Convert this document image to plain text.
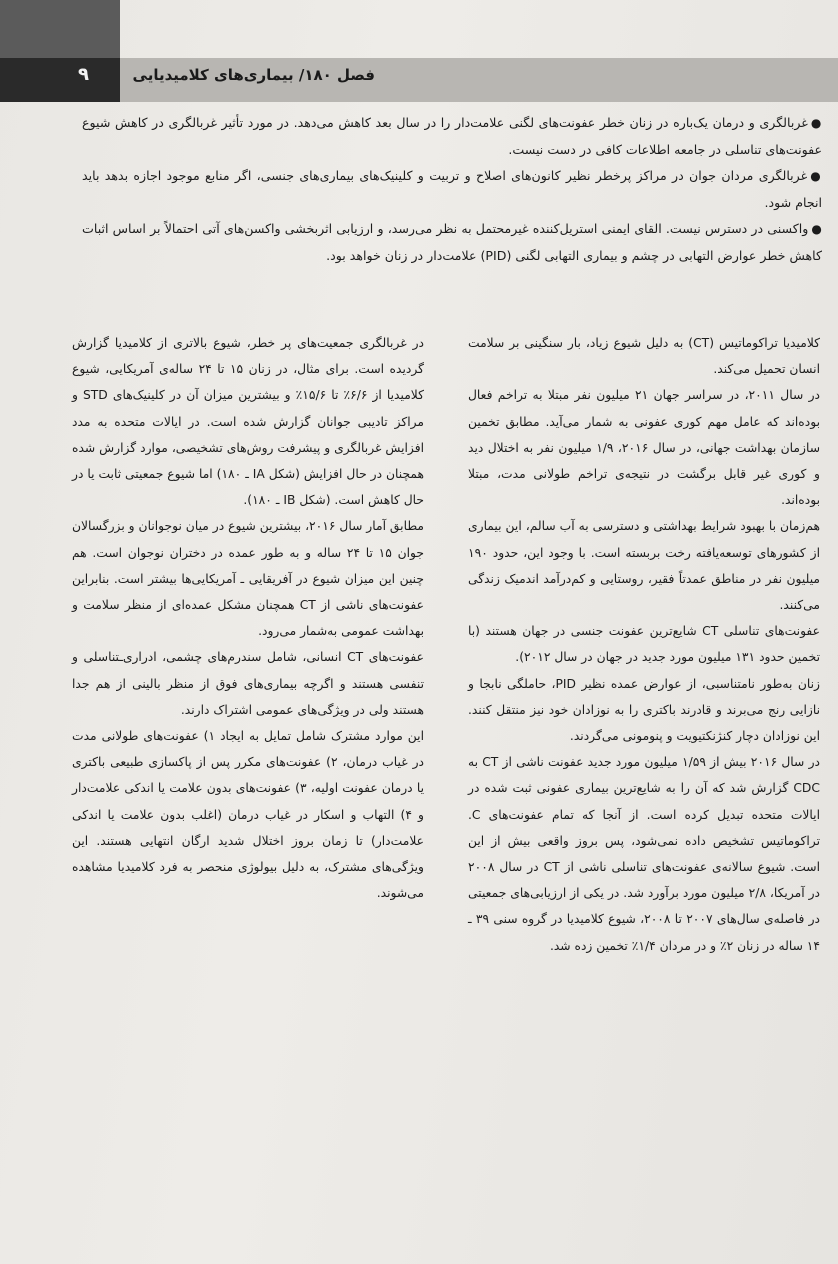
۹	فصل ۱۸۰/ بیماری‌های کلامیدیایی

●غربالگری و درمان یک‌باره در زنان خطر عفونت‌های لگنی علامت‌دار را در سال بعد کاهش می‌دهد. در مورد تأثیر غربالگری در کاهش شیوع عفونت‌های تناسلی در جامعه اطلاعات کافی در دست نیست.

●غربالگری مردان جوان در مراکز پرخطر نظیر کانون‌های اصلاح و تربیت و کلینیک‌های بیماری‌های جنسی، اگر منابع موجود اجازه بدهد باید انجام شود.

●واکسنی در دسترس نیست. القای ایمنی استریل‌کننده غیرمحتمل به نظر می‌رسد، و ارزیابی اثربخشی واکسن‌های آتی احتمالاً بر اساس اثبات کاهش خطر عوارض التهابی در چشم و بیماری التهابی لگنی (PID) علامت‌دار در زنان خواهد بود.

کلامیدیا تراکوماتیس (CT) به دلیل شیوع زیاد، بار سنگینی بر سلامت انسان تحمیل می‌کند.

در سال ۲۰۱۱، در سراسر جهان ۲۱ میلیون نفر مبتلا به تراخم فعال بوده‌اند که عامل مهم کوری عفونی به شمار می‌آید. مطابق تخمین سازمان بهداشت جهانی، در سال ۲۰۱۶، ۱/۹ میلیون نفر به اختلال دید و کوری غیر قابل برگشت در نتیجه‌ی تراخم طولانی مدت، مبتلا بوده‌اند.

هم‌زمان با بهبود شرایط بهداشتی و دسترسی به آب سالم، این بیماری از کشورهای توسعه‌یافته رخت بربسته است. با وجود این، حدود ۱۹۰ میلیون نفر در مناطق عمدتاً فقیر، روستایی و کم‌درآمد اندمیک زندگی می‌کنند.

عفونت‌های تناسلی CT شایع‌ترین عفونت جنسی در جهان هستند (با تخمین حدود ۱۳۱ میلیون مورد جدید در جهان در سال ۲۰۱۲).

زنان به‌طور نامتناسبی، از عوارض عمده نظیر PID، حاملگی نابجا و نازایی رنج می‌برند و قادرند باکتری را به نوزادان خود نیز منتقل کنند. این نوزادان دچار کنژنکتیویت و پنومونی می‌گردند.

در سال ۲۰۱۶ بیش از ۱/۵۹ میلیون مورد جدید عفونت ناشی از CT به CDC گزارش شد که آن را به شایع‌ترین بیماری عفونی ثبت شده در ایالات متحده تبدیل کرده است. از آنجا که تمام عفونت‌های C. تراکوماتیس تشخیص داده نمی‌شود، پس بروز واقعی بیش از این است. شیوع سالانه‌ی عفونت‌های تناسلی ناشی از CT در سال ۲۰۰۸ در آمریکا، ۲/۸ میلیون مورد برآورد شد. در یکی از ارزیابی‌های جمعیتی در فاصله‌ی سال‌های ۲۰۰۷ تا ۲۰۰۸، شیوع کلامیدیا در گروه سنی ۳۹ ـ ۱۴ ساله در زنان ۲٪ و در مردان ۱/۴٪ تخمین زده شد.

در غربالگری جمعیت‌های پر خطر، شیوع بالاتری از کلامیدیا گزارش گردیده است. برای مثال، در زنان ۱۵ تا ۲۴ ساله‌ی آمریکایی، شیوع کلامیدیا از ۶/۶٪ تا ۱۵/۶٪ و بیشترین میزان آن در کلینیک‌های STD و مراکز تادیبی جوانان گزارش شده است. در ایالات متحده به مدد افزایش غربالگری و پیشرفت روش‌های تشخیصی، موارد گزارش شده همچنان در حال افزایش (شکل IA ـ ۱۸۰) اما شیوع جمعیتی ثابت یا در حال کاهش است. (شکل IB ـ ۱۸۰).

مطابق آمار سال ۲۰۱۶، بیشترین شیوع در میان نوجوانان و بزرگسالان جوان ۱۵ تا ۲۴ ساله و به طور عمده در دختران نوجوان است. هم چنین این میزان شیوع در آفریقایی ـ آمریکایی‌ها بیشتر است. بنابراین عفونت‌های ناشی از CT همچنان مشکل عمده‌ای از منظر سلامت و بهداشت عمومی به‌شمار می‌رود.

عفونت‌های CT انسانی، شامل سندرم‌های چشمی، ادراری‌ـتناسلی و تنفسی هستند و اگرچه بیماری‌های فوق از منظر بالینی از هم جدا هستند ولی در ویژگی‌های عمومی اشتراک دارند.

این موارد مشترک شامل تمایل به ایجاد ۱) عفونت‌های طولانی مدت در غیاب درمان، ۲) عفونت‌های مکرر پس از پاکسازی طبیعی باکتری یا درمان عفونت اولیه، ۳) عفونت‌های بدون علامت یا اندکی علامت‌دار و ۴) التهاب و اسکار در غیاب درمان (اغلب بدون علامت یا اندکی علامت‌دار) تا زمان بروز اختلال شدید ارگان انتهایی هستند. این ویژگی‌های مشترک، به دلیل بیولوژی منحصر به فرد کلامیدیا مشاهده می‌شوند.
